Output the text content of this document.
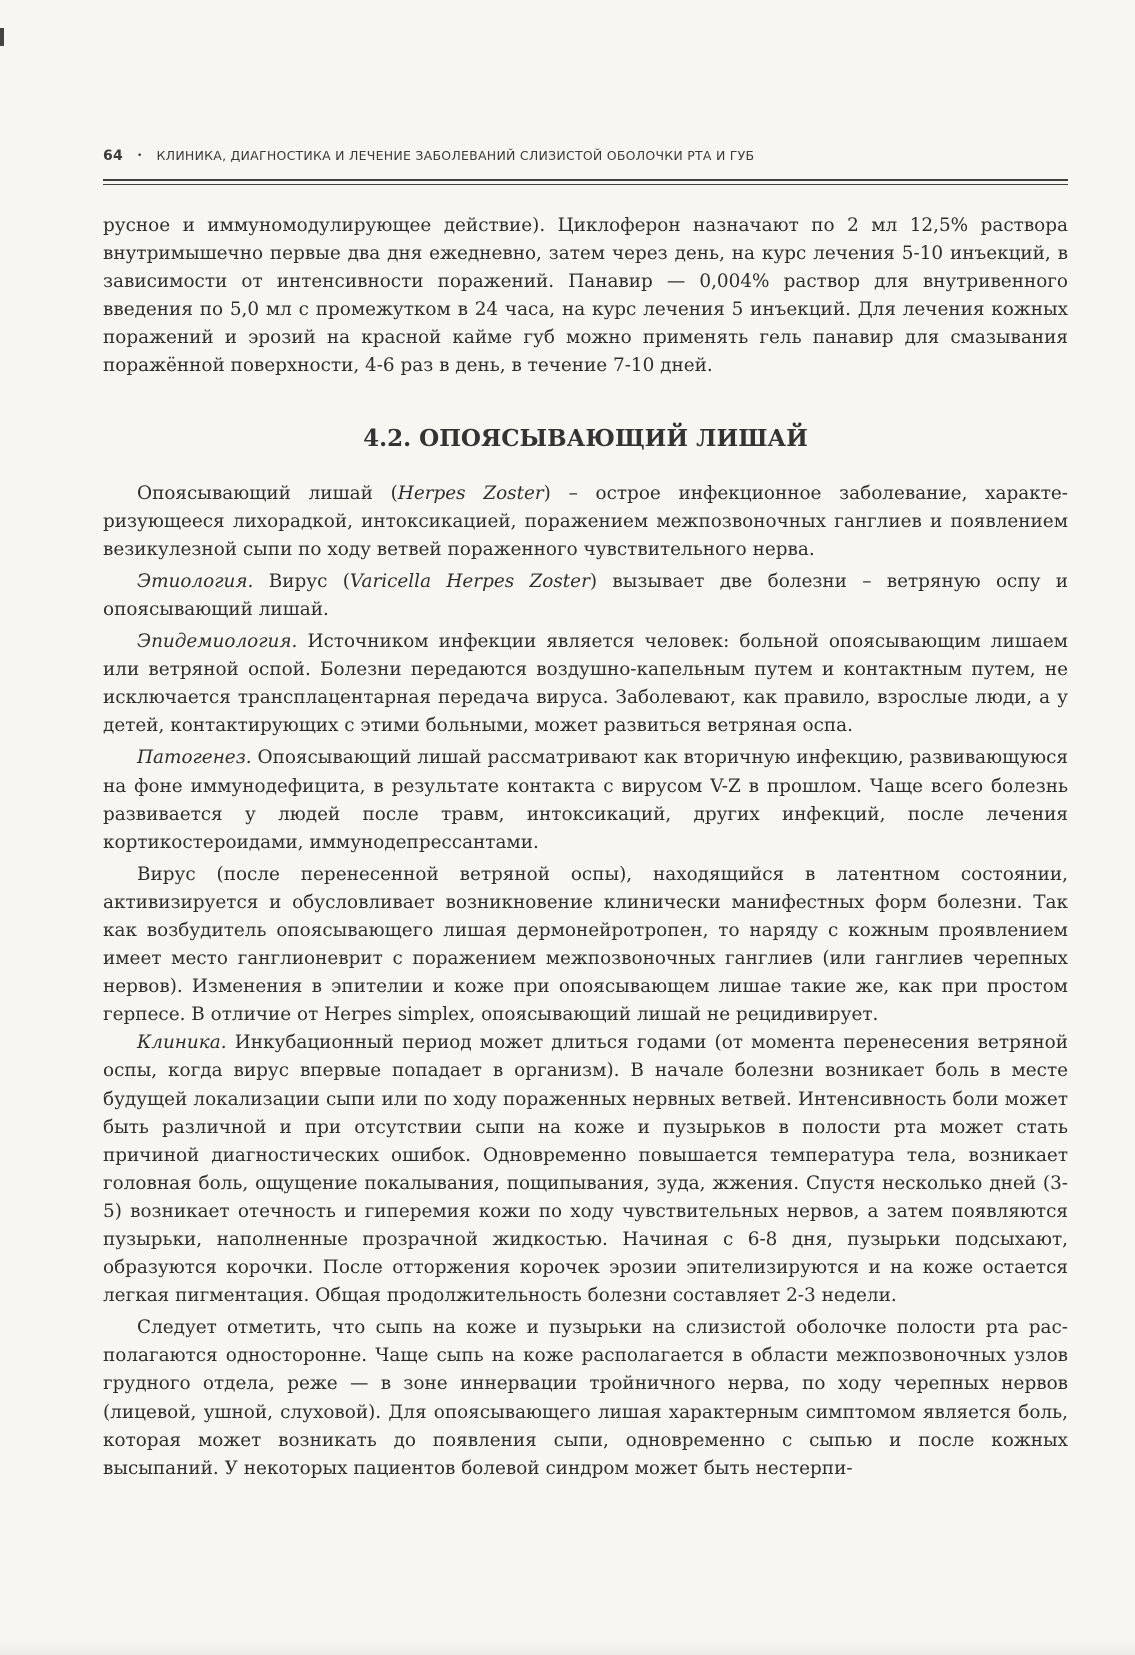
64 • КЛИНИКА, ДИАГНОСТИКА И ЛЕЧЕНИЕ ЗАБОЛЕВАНИЙ СЛИЗИСТОЙ ОБОЛОЧКИ РТА И ГУБ

русное и иммуномодулирующее действие). Циклоферон назначают по 2 мл 12,5% раствора внутримышечно первые два дня ежедневно, затем через день, на курс лечения 5-10 инъекций, в зависимости от интенсивности поражений. Панавир — 0,004% раствор для внутривенного введения по 5,0 мл с промежутком в 24 часа, на курс лечения 5 инъекций. Для лечения кожных поражений и эрозий на красной кайме губ можно применять гель панавир для смазывания поражённой поверхности, 4-6 раз в день, в течение 7-10 дней.

4.2. ОПОЯСЫВАЮЩИЙ ЛИШАЙ

Опоясывающий лишай (Herpes Zoster) – острое инфекционное заболевание, характеризующееся лихорадкой, интоксикацией, поражением межпозвоночных ганглиев и появлением везикулезной сыпи по ходу ветвей пораженного чувствительного нерва.

Этиология. Вирус (Varicella Herpes Zoster) вызывает две болезни – ветряную оспу и опоясывающий лишай.

Эпидемиология. Источником инфекции является человек: больной опоясывающим лишаем или ветряной оспой. Болезни передаются воздушно-капельным путем и контактным путем, не исключается трансплацентарная передача вируса. Заболевают, как правило, взрослые люди, а у детей, контактирующих с этими больными, может развиться ветряная оспа.

Патогенез. Опоясывающий лишай рассматривают как вторичную инфекцию, развивающуюся на фоне иммунодефицита, в результате контакта с вирусом V-Z в прошлом. Чаще всего болезнь развивается у людей после травм, интоксикаций, других инфекций, после лечения кортикостероидами, иммунодепрессантами.

Вирус (после перенесенной ветряной оспы), находящийся в латентном состоянии, активизируется и обусловливает возникновение клинически манифестных форм болезни. Так как возбудитель опоясывающего лишая дермонейротропен, то наряду с кожным проявлением имеет место ганглионеврит с поражением межпозвоночных ганглиев (или ганглиев черепных нервов). Изменения в эпителии и коже при опоясывающем лишае такие же, как при простом герпесе. В отличие от Herpes simplex, опоясывающий лишай не рецидивирует.

Клиника. Инкубационный период может длиться годами (от момента перенесения ветряной оспы, когда вирус впервые попадает в организм). В начале болезни возникает боль в месте будущей локализации сыпи или по ходу пораженных нервных ветвей. Интенсивность боли может быть различной и при отсутствии сыпи на коже и пузырьков в полости рта может стать причиной диагностических ошибок. Одновременно повышается температура тела, возникает головная боль, ощущение покалывания, пощипывания, зуда, жжения. Спустя несколько дней (3-5) возникает отечность и гиперемия кожи по ходу чувствительных нервов, а затем появляются пузырьки, наполненные прозрачной жидкостью. Начиная с 6-8 дня, пузырьки подсыхают, образуются корочки. После отторжения корочек эрозии эпителизируются и на коже остается легкая пигментация. Общая продолжительность болезни составляет 2-3 недели.

Следует отметить, что сыпь на коже и пузырьки на слизистой оболочке полости рта располагаются односторонне. Чаще сыпь на коже располагается в области межпозвоночных узлов грудного отдела, реже — в зоне иннервации тройничного нерва, по ходу черепных нервов (лицевой, ушной, слуховой). Для опоясывающего лишая характерным симптомом является боль, которая может возникать до появления сыпи, одновременно с сыпью и после кожных высыпаний. У некоторых пациентов болевой синдром может быть нестерпи-
